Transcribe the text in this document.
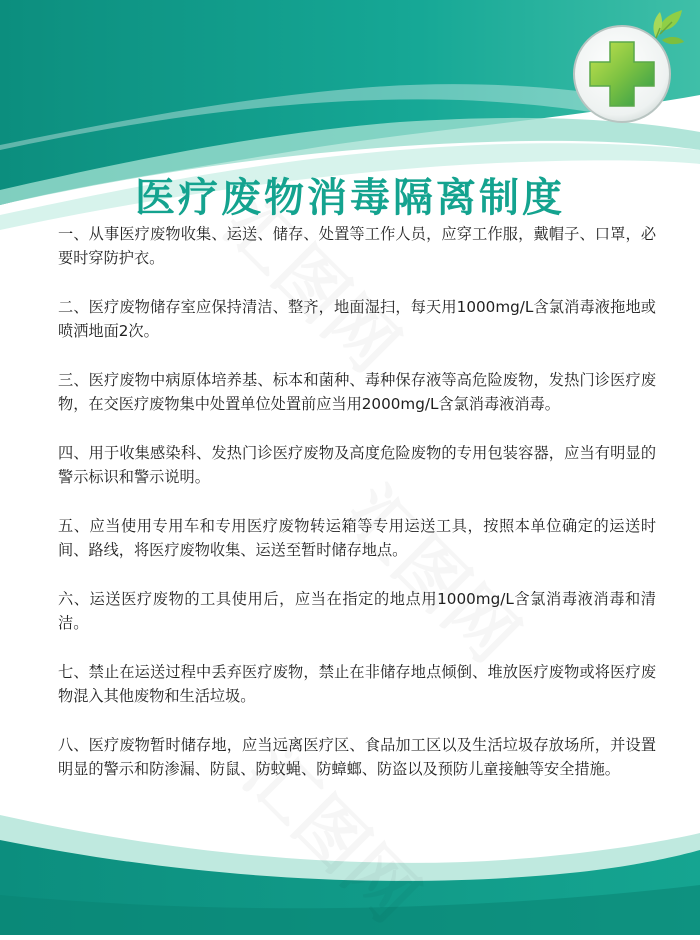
医疗废物消毒隔离制度

一、从事医疗废物收集、运送、储存、处置等工作人员，应穿工作服，戴帽子、口罩，必要时穿防护衣。

二、医疗废物储存室应保持清洁、整齐，地面湿扫，每天用1000mg/L含氯消毒液拖地或喷洒地面2次。

三、医疗废物中病原体培养基、标本和菌种、毒种保存液等高危险废物，发热门诊医疗废物，在交医疗废物集中处置单位处置前应当用2000mg/L含氯消毒液消毒。

四、用于收集感染科、发热门诊医疗废物及高度危险废物的专用包装容器，应当有明显的警示标识和警示说明。

五、应当使用专用车和专用医疗废物转运箱等专用运送工具，按照本单位确定的运送时间、路线，将医疗废物收集、运送至暂时储存地点。

六、运送医疗废物的工具使用后，应当在指定的地点用1000mg/L含氯消毒液消毒和清洁。

七、禁止在运送过程中丢弃医疗废物，禁止在非储存地点倾倒、堆放医疗废物或将医疗废物混入其他废物和生活垃圾。

八、医疗废物暂时储存地，应当远离医疗区、食品加工区以及生活垃圾存放场所，并设置明显的警示和防渗漏、防鼠、防蚊蝇、防蟑螂、防盗以及预防儿童接触等安全措施。
